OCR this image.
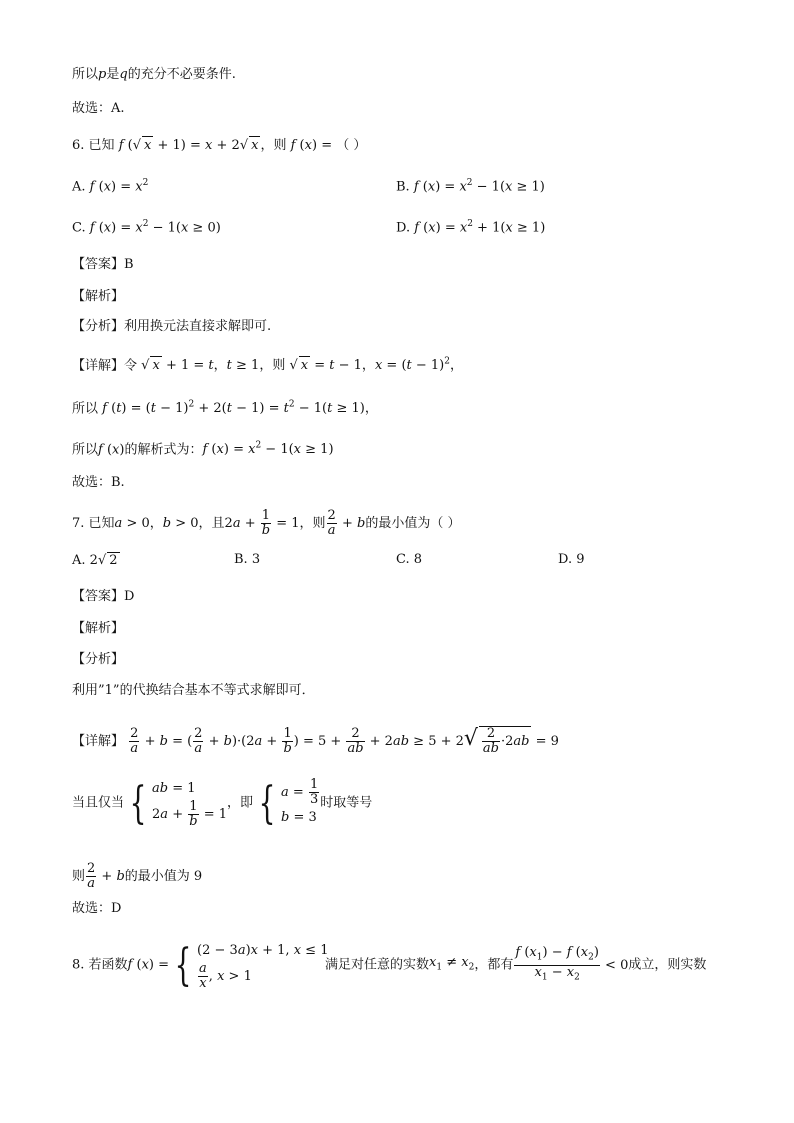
所以p是q的充分不必要条件.
故选：A.
6. 已知 f (√ x + 1) = x + 2√ x ，则 f (x) = （ ）
A. f $(x) = x^2$	B. f $(x) = x^2 - 1(x \ge 1)$
C. f $(x) = x^2 - 1(x \ge 0)$	D. f $(x) = x^2 + 1(x \ge 1)$
【答案】B
【解析】
【分析】利用换元法直接求解即可.
【详解】令 √ x + 1 = t，t ≥ 1，则 √ x = t − 1，$x = (t - 1)^2$，
所以 f $(t) = (t - 1)^2 + 2(t - 1) = t^2 - 1(t \ge 1)$，
所以f (x)的解析式为：f $(x) = x^2 - 1(x \ge 1)$
故选：B.
7. 已知a > 0，b > 0，且$2a + \frac{1}{b} = 1$，则 $\frac{2}{a} + b$的最小值为（ ）
A. 2√ 2	B. 3	C. 8	D. 9
【答案】D
【解析】
【分析】
利用”1”的代换结合基本不等式求解即可．
【详解】 $\frac{2}{a} + b$ = ( $\frac{2}{a} + b)\cdot(2a + \frac{1}{b}$ ) = $5 + \frac{2}{ab} + 2ab \ge 5 + 2√ \frac{2}{ab} \cdot 2ab = 9$
当且仅当 { ab = 1
$2a + \frac{1}{b} = 1$
，即 { $a = \frac{1}{3}$
b = 3
时取等号
则 $\frac{2}{a} + b$的最小值为 9
故选：D
8. 若函数f (x) = { (2 − 3a)x + 1, x ≤ 1
$\frac{a}{x}$ , x > 1
满足对任意的实数$x_1 \ne x_2$，都有 $\frac{f (x_1) - f (x_2)}{x_1 - x_2} < 0$成立，则实数
